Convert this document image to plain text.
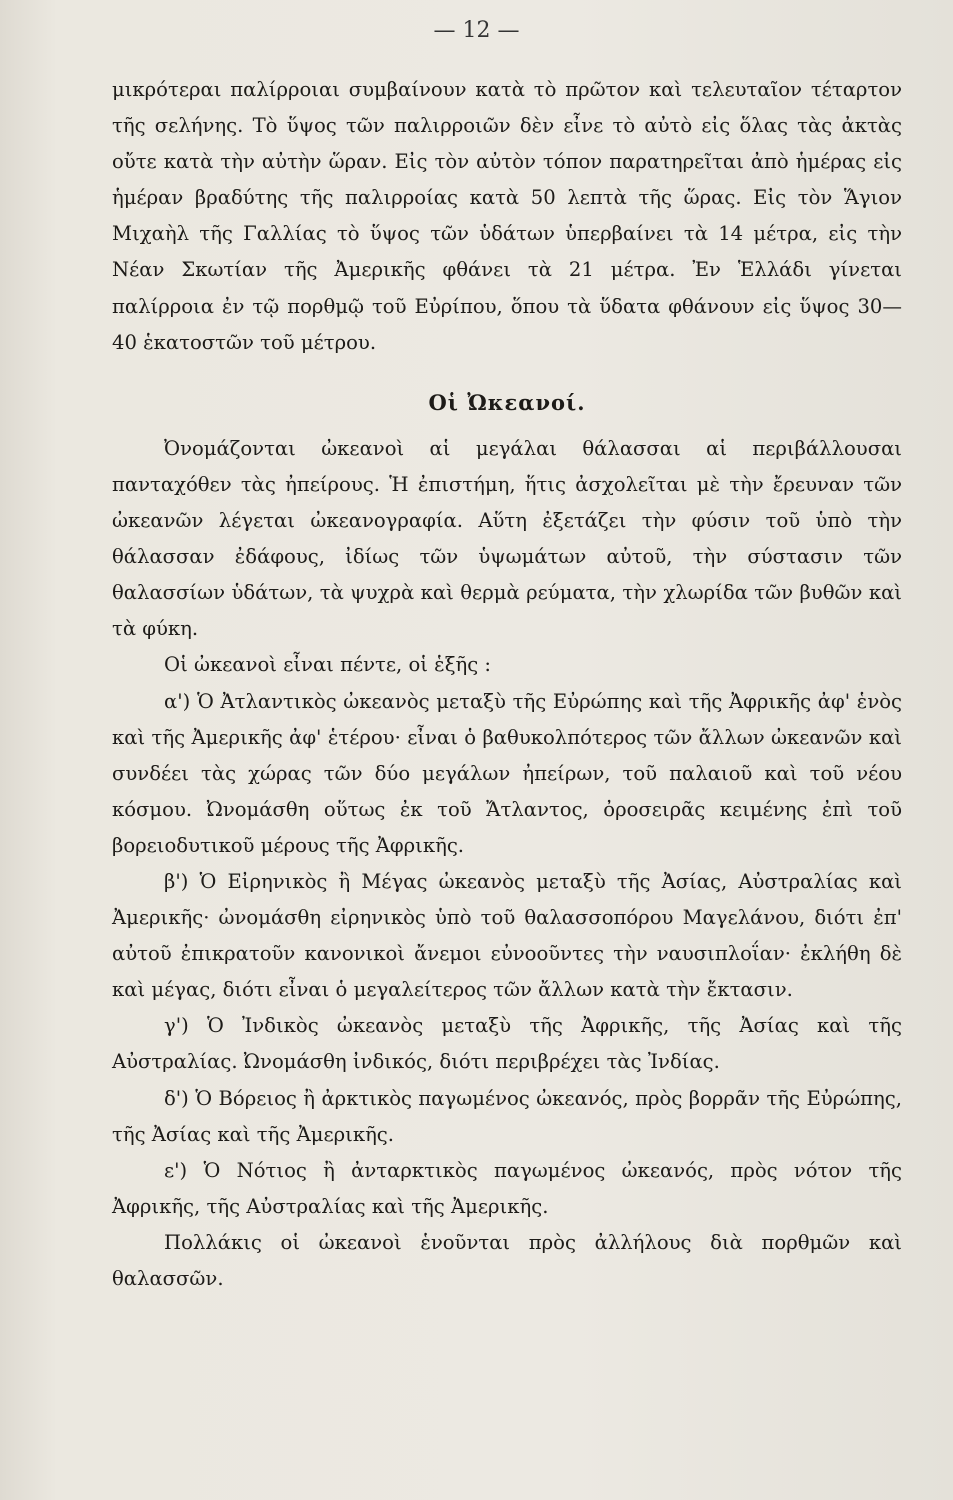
— 12 —

μικρότεραι παλίρροιαι συμβαίνουν κατὰ τὸ πρῶτον καὶ τελευταῖον τέταρτον τῆς σελήνης. Τὸ ὕψος τῶν παλιρροιῶν δὲν εἶνε τὸ αὐτὸ εἰς ὅλας τὰς ἀκτὰς οὔτε κατὰ τὴν αὐτὴν ὥραν. Εἰς τὸν αὐτὸν τόπον παρατηρεῖται ἀπὸ ἡμέρας εἰς ἡμέραν βραδύτης τῆς παλιρροίας κατὰ 50 λεπτὰ τῆς ὥρας. Εἰς τὸν Ἅγιον Μιχαὴλ τῆς Γαλλίας τὸ ὕψος τῶν ὑδάτων ὑπερβαίνει τὰ 14 μέτρα, εἰς τὴν Νέαν Σκωτίαν τῆς Ἀμερικῆς φθάνει τὰ 21 μέτρα. Ἐν Ἑλλάδι γίνεται παλίρροια ἐν τῷ πορθμῷ τοῦ Εὐρίπου, ὅπου τὰ ὕδατα φθάνουν εἰς ὕψος 30—40 ἑκατοστῶν τοῦ μέτρου.

Οἱ Ὠκεανοί.

Ὀνομάζονται ὠκεανοὶ αἱ μεγάλαι θάλασσαι αἱ περιβάλλουσαι πανταχόθεν τὰς ἠπείρους. Ἡ ἐπιστήμη, ἥτις ἀσχολεῖται μὲ τὴν ἔρευναν τῶν ὠκεανῶν λέγεται ὠκεανογραφία. Αὕτη ἐξετάζει τὴν φύσιν τοῦ ὑπὸ τὴν θάλασσαν ἐδάφους, ἰδίως τῶν ὑψωμάτων αὐτοῦ, τὴν σύστασιν τῶν θαλασσίων ὑδάτων, τὰ ψυχρὰ καὶ θερμὰ ρεύματα, τὴν χλωρίδα τῶν βυθῶν καὶ τὰ φύκη.

Οἱ ὠκεανοὶ εἶναι πέντε, οἱ ἑξῆς :

α') Ὁ Ἀτλαντικὸς ὠκεανὸς μεταξὺ τῆς Εὐρώπης καὶ τῆς Ἀφρικῆς ἀφ' ἑνὸς καὶ τῆς Ἀμερικῆς ἀφ' ἑτέρου· εἶναι ὁ βαθυκολπότερος τῶν ἄλλων ὠκεανῶν καὶ συνδέει τὰς χώρας τῶν δύο μεγάλων ἠπείρων, τοῦ παλαιοῦ καὶ τοῦ νέου κόσμου. Ὠνομάσθη οὕτως ἐκ τοῦ Ἄτλαντος, ὀροσειρᾶς κειμένης ἐπὶ τοῦ βορειοδυτικοῦ μέρους τῆς Ἀφρικῆς.

β') Ὁ Εἰρηνικὸς ἢ Μέγας ὠκεανὸς μεταξὺ τῆς Ἀσίας, Αὐστραλίας καὶ Ἀμερικῆς· ὠνομάσθη εἰρηνικὸς ὑπὸ τοῦ θαλασσοπόρου Μαγελάνου, διότι ἐπ' αὐτοῦ ἐπικρατοῦν κανονικοὶ ἄνεμοι εὐνοοῦντες τὴν ναυσιπλοΐαν· ἐκλήθη δὲ καὶ μέγας, διότι εἶναι ὁ μεγαλείτερος τῶν ἄλλων κατὰ τὴν ἔκτασιν.

γ') Ὁ Ἰνδικὸς ὠκεανὸς μεταξὺ τῆς Ἀφρικῆς, τῆς Ἀσίας καὶ τῆς Αὐστραλίας. Ὠνομάσθη ἰνδικός, διότι περιβρέχει τὰς Ἰνδίας.

δ') Ὁ Βόρειος ἢ ἀρκτικὸς παγωμένος ὠκεανός, πρὸς βορρᾶν τῆς Εὐρώπης, τῆς Ἀσίας καὶ τῆς Ἀμερικῆς.

ε') Ὁ Νότιος ἢ ἀνταρκτικὸς παγωμένος ὠκεανός, πρὸς νότον τῆς Ἀφρικῆς, τῆς Αὐστραλίας καὶ τῆς Ἀμερικῆς.

Πολλάκις οἱ ὠκεανοὶ ἑνοῦνται πρὸς ἀλλήλους διὰ πορθμῶν καὶ θαλασσῶν.
